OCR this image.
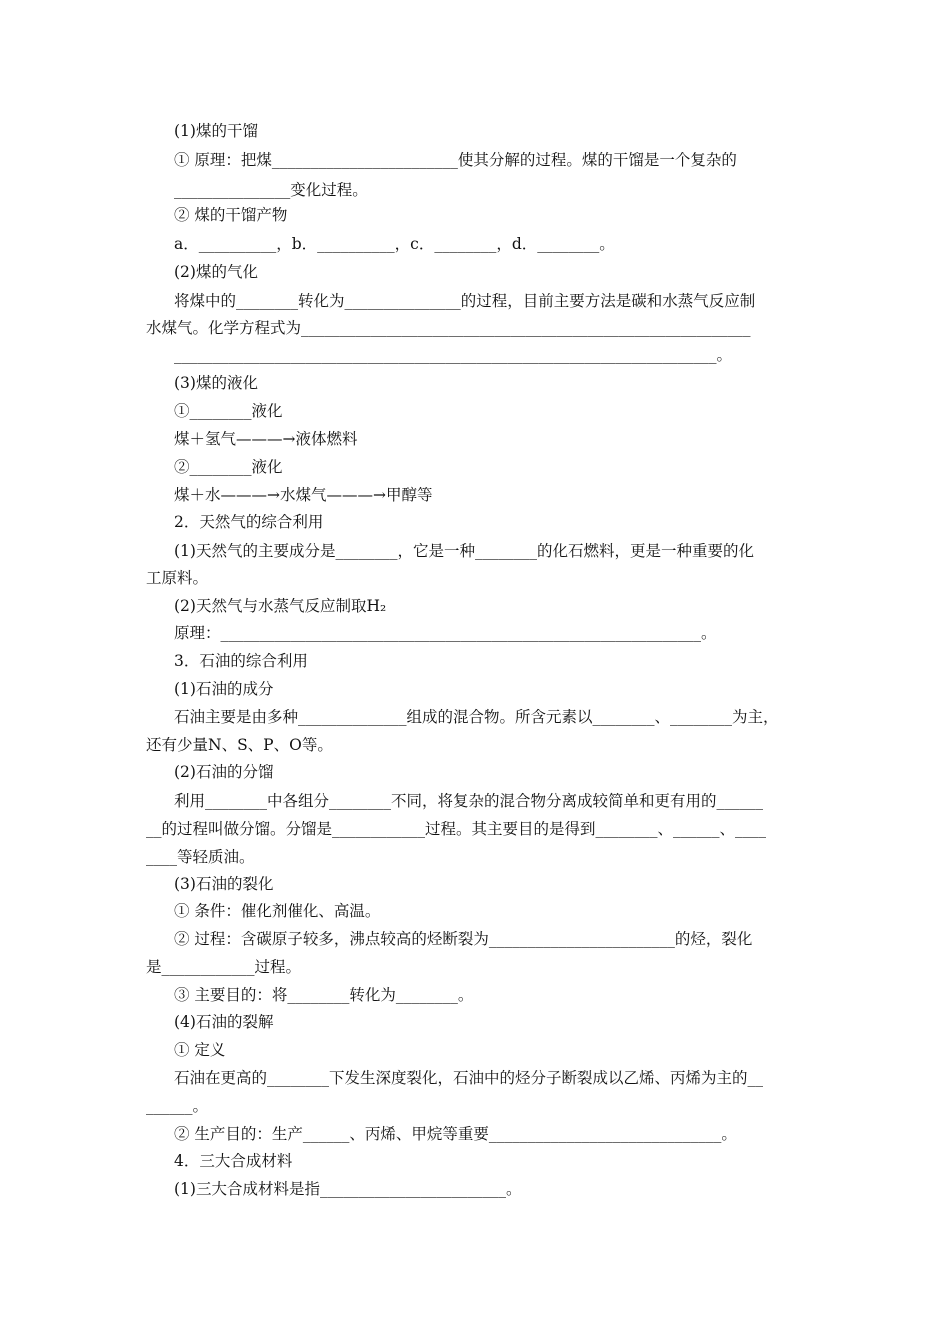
(1)煤的干馏
① 原理：把煤________________________使其分解的过程。煤的干馏是一个复杂的
_______________变化过程。
② 煤的干馏产物
a．__________，b．__________，c．________，d．________。
(2)煤的气化
将煤中的________转化为_______________的过程，目前主要方法是碳和水蒸气反应制
水煤气。化学方程式为__________________________________________________________
______________________________________________________________________。
(3)煤的液化
①________液化
煤＋氢气———→液体燃料
②________液化
煤＋水———→水煤气———→甲醇等
2．天然气的综合利用
(1)天然气的主要成分是________，它是一种________的化石燃料，更是一种重要的化
工原料。
(2)天然气与水蒸气反应制取H₂
原理：______________________________________________________________。
3．石油的综合利用
(1)石油的成分
石油主要是由多种______________组成的混合物。所含元素以________、________为主，
还有少量N、S、P、O等。
(2)石油的分馏
利用________中各组分________不同，将复杂的混合物分离成较简单和更有用的______
__的过程叫做分馏。分馏是____________过程。其主要目的是得到________、______、____
____等轻质油。
(3)石油的裂化
① 条件：催化剂催化、高温。
② 过程：含碳原子较多，沸点较高的烃断裂为________________________的烃，裂化
是____________过程。
③ 主要目的：将________转化为________。
(4)石油的裂解
① 定义
石油在更高的________下发生深度裂化，石油中的烃分子断裂成以乙烯、丙烯为主的__
______。
② 生产目的：生产______、丙烯、甲烷等重要______________________________。
4．三大合成材料
(1)三大合成材料是指________________________。
